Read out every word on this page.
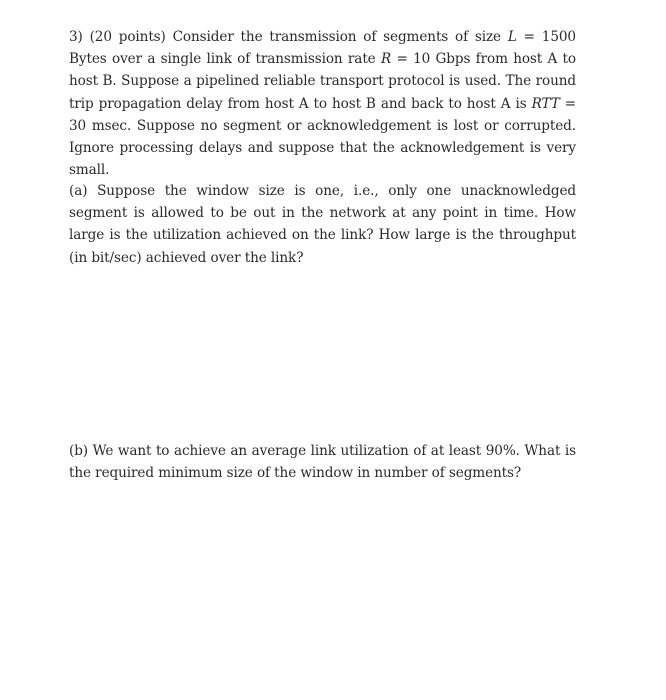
3) (20 points) Consider the transmission of segments of size L = 1500 Bytes over a single link of transmission rate R = 10 Gbps from host A to host B. Suppose a pipelined reliable transport protocol is used. The round trip propagation delay from host A to host B and back to host A is RTT = 30 msec. Suppose no segment or acknowledgement is lost or corrupted. Ignore processing delays and suppose that the acknowledgement is very small.

(a) Suppose the window size is one, i.e., only one unacknowledged segment is allowed to be out in the network at any point in time. How large is the utilization achieved on the link? How large is the throughput (in bit/sec) achieved over the link?

(b) We want to achieve an average link utilization of at least 90%. What is the required minimum size of the window in number of segments?
